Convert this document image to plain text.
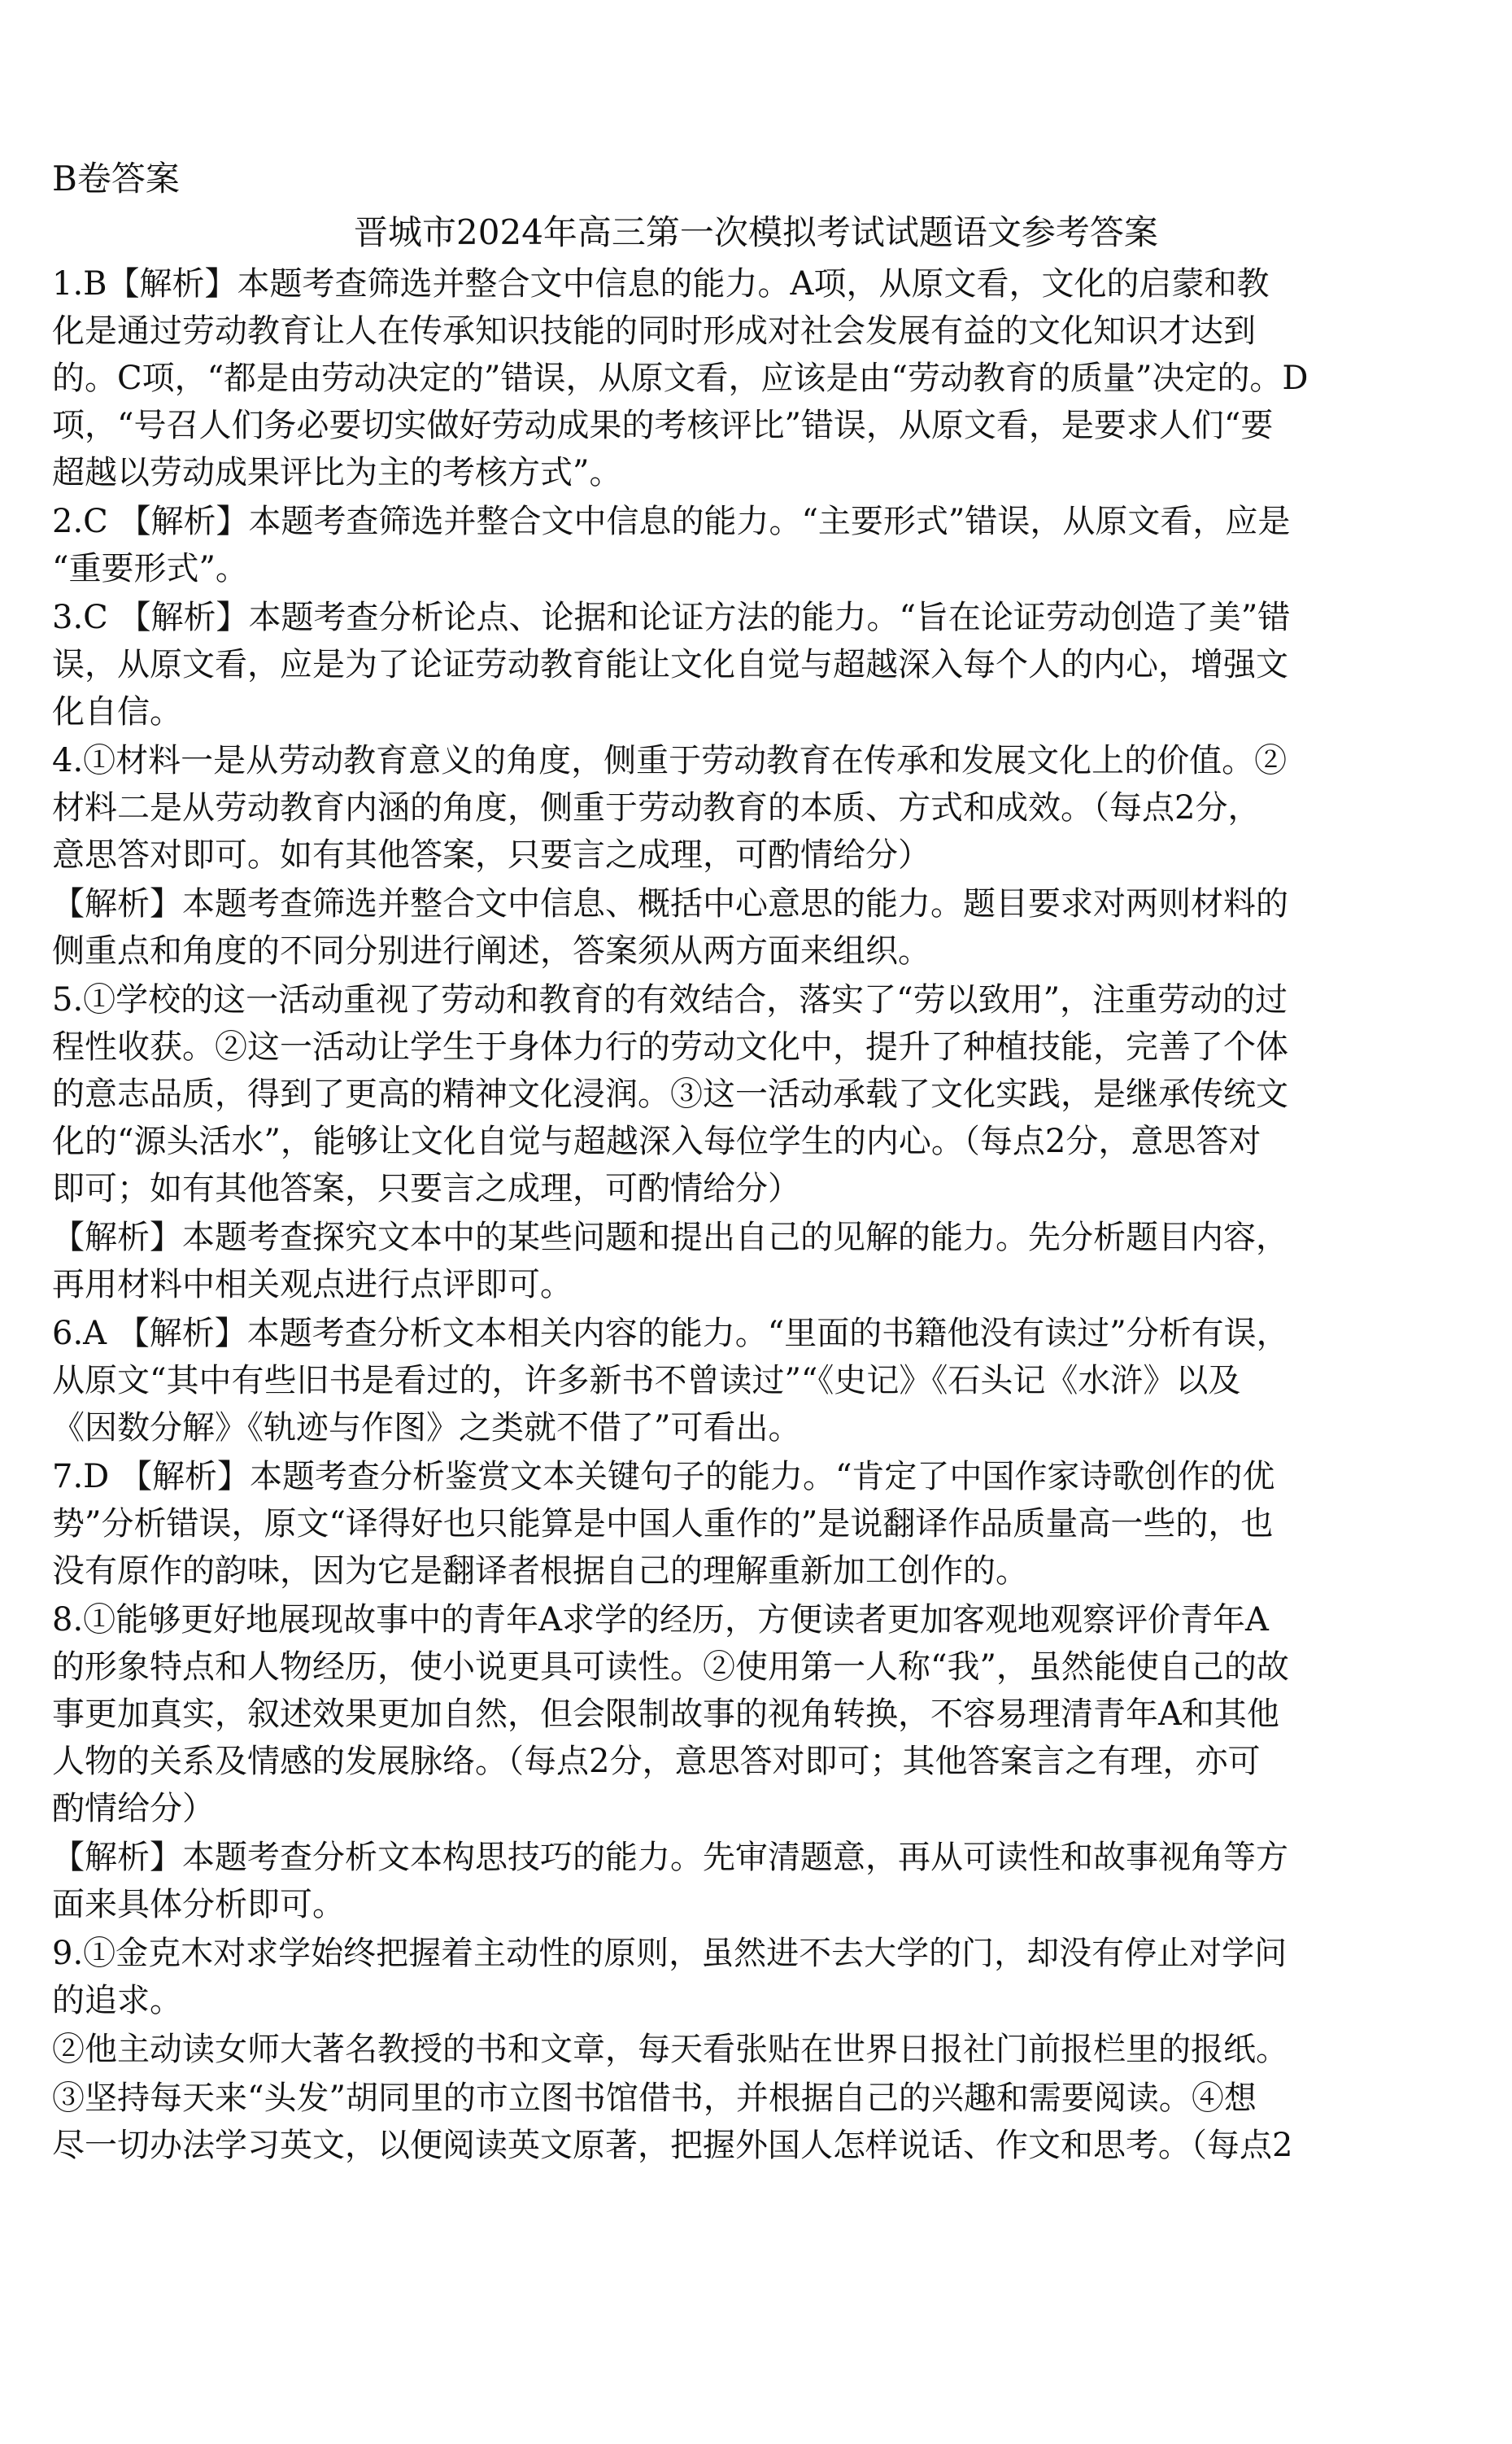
B卷答案
晋城市2024年高三第一次模拟考试试题语文参考答案
1.B【解析】本题考查筛选并整合文中信息的能力。A项，从原文看，文化的启蒙和教
化是通过劳动教育让人在传承知识技能的同时形成对社会发展有益的文化知识才达到
的。C项，“都是由劳动决定的”错误，从原文看，应该是由“劳动教育的质量”决定的。D
项，“号召人们务必要切实做好劳动成果的考核评比”错误，从原文看，是要求人们“要
超越以劳动成果评比为主的考核方式”。
2.C 【解析】本题考查筛选并整合文中信息的能力。“主要形式”错误，从原文看，应是
“重要形式”。
3.C 【解析】本题考查分析论点、论据和论证方法的能力。“旨在论证劳动创造了美”错
误，从原文看，应是为了论证劳动教育能让文化自觉与超越深入每个人的内心，增强文
化自信。
4.①材料一是从劳动教育意义的角度，侧重于劳动教育在传承和发展文化上的价值。②
材料二是从劳动教育内涵的角度，侧重于劳动教育的本质、方式和成效。（每点2分，
意思答对即可。如有其他答案，只要言之成理，可酌情给分）
【解析】本题考查筛选并整合文中信息、概括中心意思的能力。题目要求对两则材料的
侧重点和角度的不同分别进行阐述，答案须从两方面来组织。
5.①学校的这一活动重视了劳动和教育的有效结合，落实了“劳以致用”，注重劳动的过
程性收获。②这一活动让学生于身体力行的劳动文化中，提升了种植技能，完善了个体
的意志品质，得到了更高的精神文化浸润。③这一活动承载了文化实践，是继承传统文
化的“源头活水”，能够让文化自觉与超越深入每位学生的内心。（每点2分，意思答对
即可；如有其他答案，只要言之成理，可酌情给分）
【解析】本题考查探究文本中的某些问题和提出自己的见解的能力。先分析题目内容，
再用材料中相关观点进行点评即可。
6.A 【解析】本题考查分析文本相关内容的能力。“里面的书籍他没有读过”分析有误，
从原文“其中有些旧书是看过的，许多新书不曾读过”“《史记》《石头记《水浒》以及
《因数分解》《轨迹与作图》之类就不借了”可看出。
7.D 【解析】本题考查分析鉴赏文本关键句子的能力。“肯定了中国作家诗歌创作的优
势”分析错误，原文“译得好也只能算是中国人重作的”是说翻译作品质量高一些的，也
没有原作的韵味，因为它是翻译者根据自己的理解重新加工创作的。
8.①能够更好地展现故事中的青年A求学的经历，方便读者更加客观地观察评价青年A
的形象特点和人物经历，使小说更具可读性。②使用第一人称“我”，虽然能使自己的故
事更加真实，叙述效果更加自然，但会限制故事的视角转换，不容易理清青年A和其他
人物的关系及情感的发展脉络。（每点2分，意思答对即可；其他答案言之有理，亦可
酌情给分）
【解析】本题考查分析文本构思技巧的能力。先审清题意，再从可读性和故事视角等方
面来具体分析即可。
9.①金克木对求学始终把握着主动性的原则，虽然进不去大学的门，却没有停止对学问
的追求。
②他主动读女师大著名教授的书和文章，每天看张贴在世界日报社门前报栏里的报纸。
③坚持每天来“头发”胡同里的市立图书馆借书，并根据自己的兴趣和需要阅读。④想
尽一切办法学习英文，以便阅读英文原著，把握外国人怎样说话、作文和思考。（每点2
